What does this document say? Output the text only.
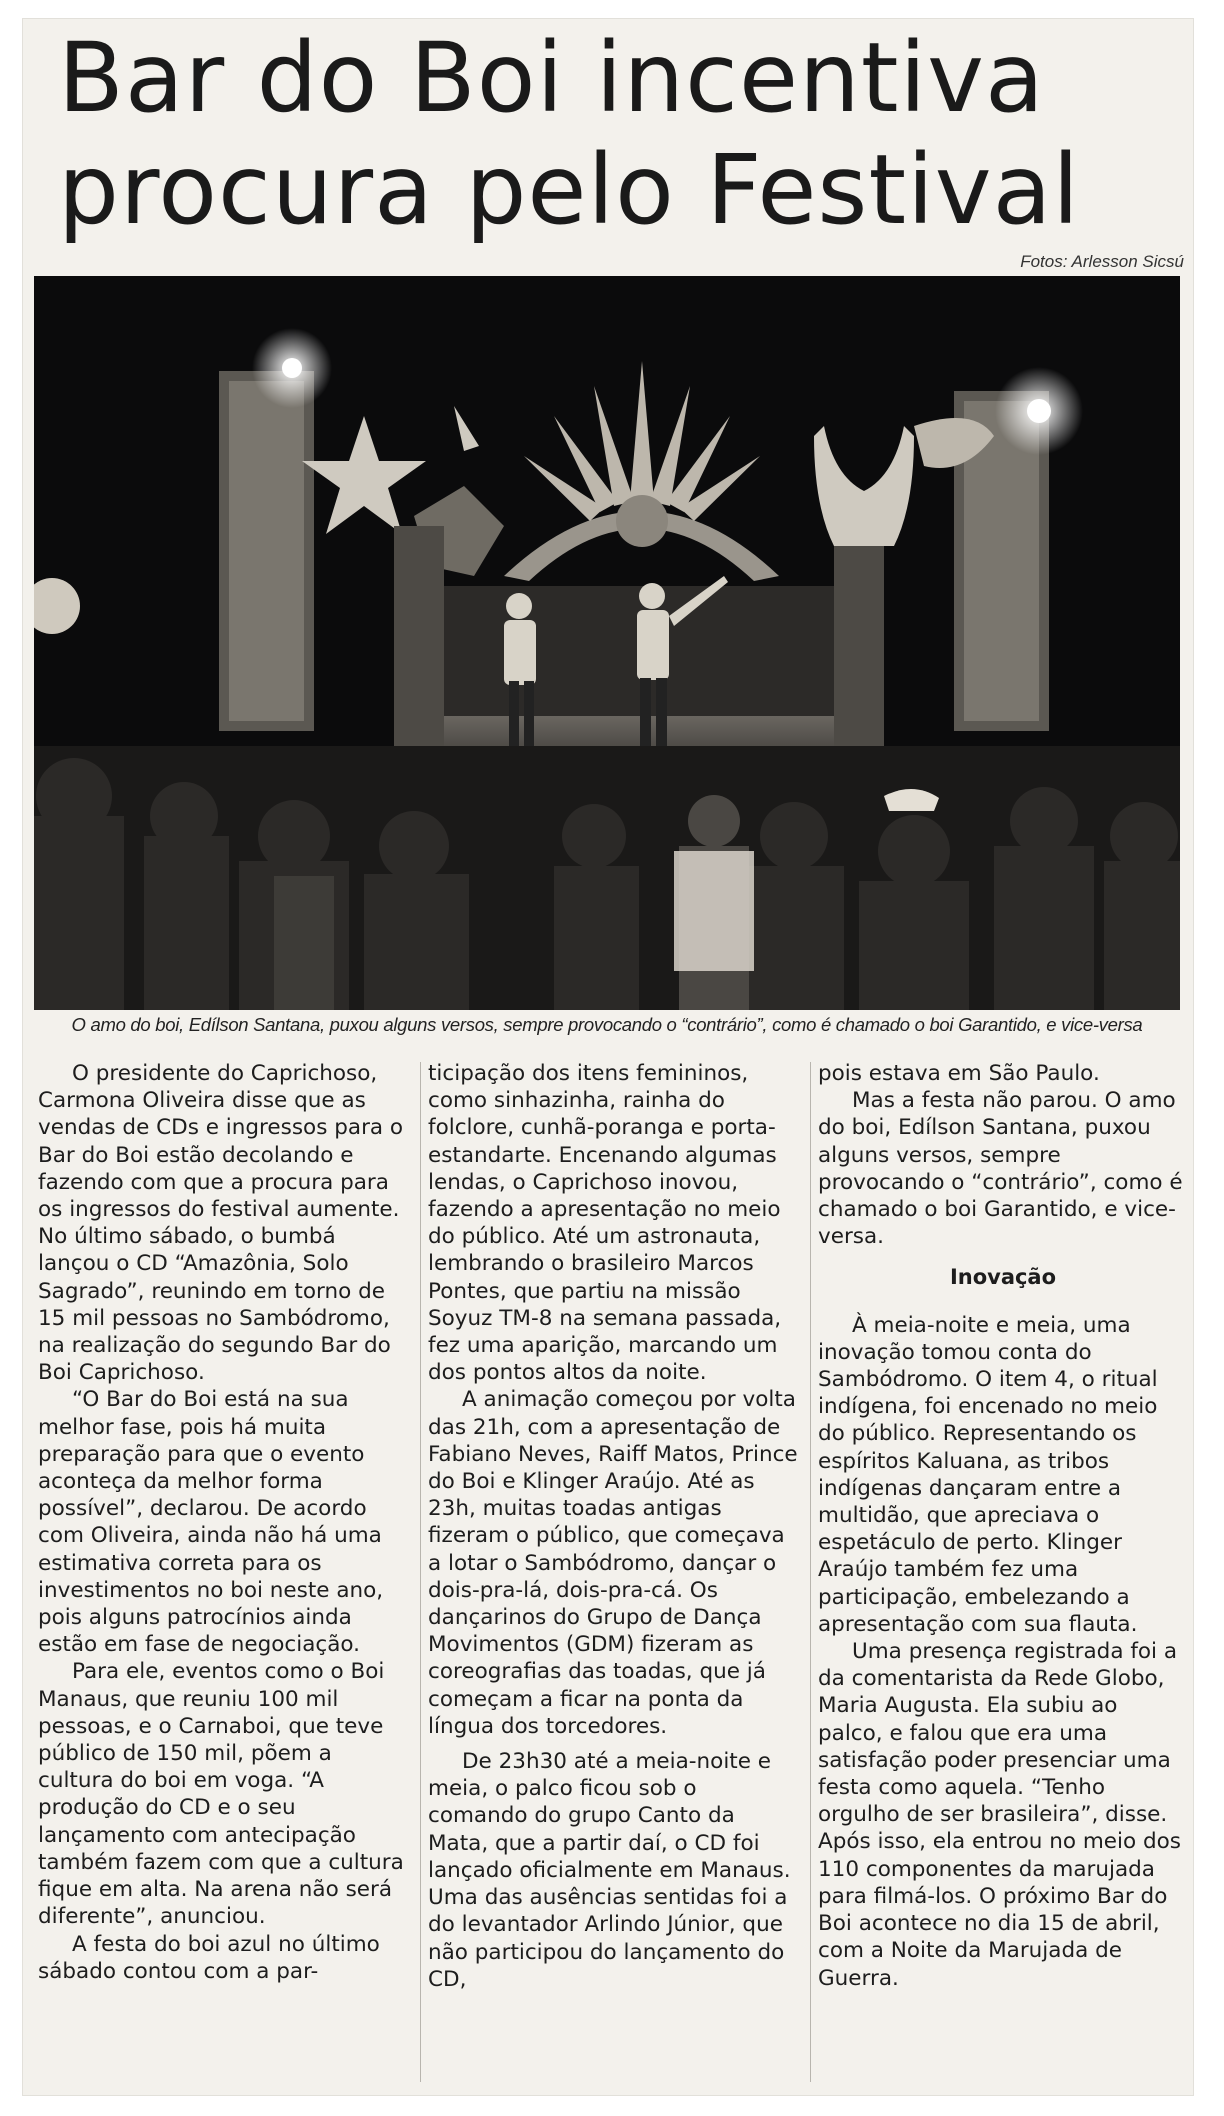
Bar do Boi incentiva
procura pelo Festival
Fotos: Arlesson Sicsú
O amo do boi, Edílson Santana, puxou alguns versos, sempre provocando o “contrário”, como é chamado o boi Garantido, e vice-versa

O presidente do Caprichoso, Carmona Oliveira disse que as vendas de CDs e ingressos para o Bar do Boi estão decolando e fazendo com que a procura para os ingressos do festival aumente. No último sábado, o bumbá lançou o CD “Amazônia, Solo Sagrado”, reunindo em torno de 15 mil pessoas no Sambódromo, na realização do segundo Bar do Boi Caprichoso.

“O Bar do Boi está na sua melhor fase, pois há muita preparação para que o evento aconteça da melhor forma possível”, declarou. De acordo com Oliveira, ainda não há uma estimativa correta para os investimentos no boi neste ano, pois alguns patrocínios ainda estão em fase de negociação.

Para ele, eventos como o Boi Manaus, que reuniu 100 mil pessoas, e o Carnaboi, que teve público de 150 mil, põem a cultura do boi em voga. “A produção do CD e o seu lançamento com antecipação também fazem com que a cultura fique em alta. Na arena não será diferente”, anunciou.

A festa do boi azul no último sábado contou com a par-

ticipação dos itens femininos, como sinhazinha, rainha do folclore, cunhã-poranga e porta-estandarte. Encenando algumas lendas, o Caprichoso inovou, fazendo a apresentação no meio do público. Até um astronauta, lembrando o brasileiro Marcos Pontes, que partiu na missão Soyuz TM-8 na semana passada, fez uma aparição, marcando um dos pontos altos da noite.

A animação começou por volta das 21h, com a apresentação de Fabiano Neves, Raiff Matos, Prince do Boi e Klinger Araújo. Até as 23h, muitas toadas antigas fizeram o público, que começava a lotar o Sambódromo, dançar o dois-pra-lá, dois-pra-cá. Os dançarinos do Grupo de Dança Movimentos (GDM) fizeram as coreografias das toadas, que já começam a ficar na ponta da língua dos torcedores.

De 23h30 até a meia-noite e meia, o palco ficou sob o comando do grupo Canto da Mata, que a partir daí, o CD foi lançado oficialmente em Manaus. Uma das ausências sentidas foi a do levantador Arlindo Júnior, que não participou do lançamento do CD,

pois estava em São Paulo.

Mas a festa não parou. O amo do boi, Edílson Santana, puxou alguns versos, sempre provocando o “contrário”, como é chamado o boi Garantido, e vice-versa.

Inovação

À meia-noite e meia, uma inovação tomou conta do Sambódromo. O item 4, o ritual indígena, foi encenado no meio do público. Representando os espíritos Kaluana, as tribos indígenas dançaram entre a multidão, que apreciava o espetáculo de perto. Klinger Araújo também fez uma participação, embelezando a apresentação com sua flauta.

Uma presença registrada foi a da comentarista da Rede Globo, Maria Augusta. Ela subiu ao palco, e falou que era uma satisfação poder presenciar uma festa como aquela. “Tenho orgulho de ser brasileira”, disse. Após isso, ela entrou no meio dos 110 componentes da marujada para filmá-los. O próximo Bar do Boi acontece no dia 15 de abril, com a Noite da Marujada de Guerra.
